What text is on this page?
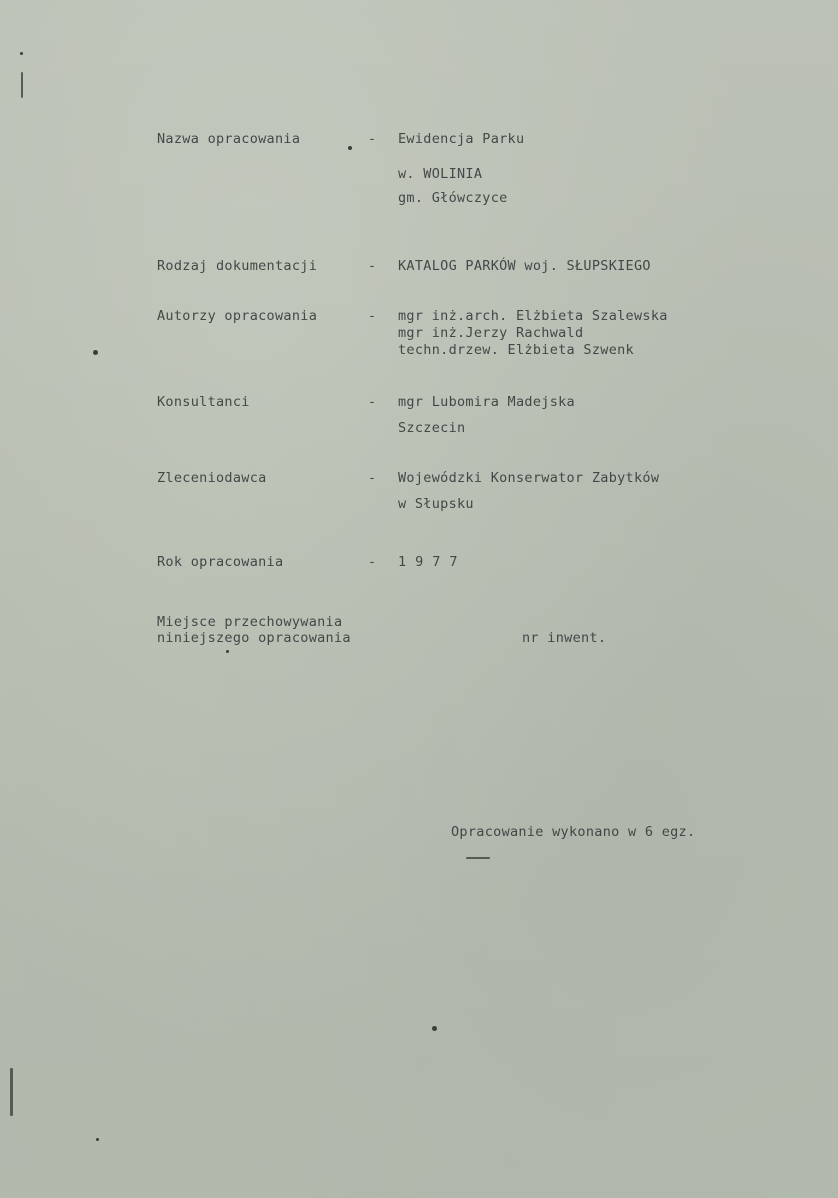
Nazwa opracowania	- Ewidencja Parku
w. WOLINIA
gm. Główczyce
Rodzaj dokumentacji	- KATALOG PARKÓW woj. SŁUPSKIEGO
Autorzy opracowania	- mgr inż.arch. Elżbieta Szalewska
mgr inż.Jerzy Rachwald
techn.drzew. Elżbieta Szwenk
Konsultanci	- mgr Lubomira Madejska
Szczecin
Zleceniodawca	- Wojewódzki Konserwator Zabytków
w Słupsku
Rok opracowania	- 1977
Miejsce przechowywania
niniejszego opracowania	nr inwent.
Opracowanie wykonano w 6 egz.
